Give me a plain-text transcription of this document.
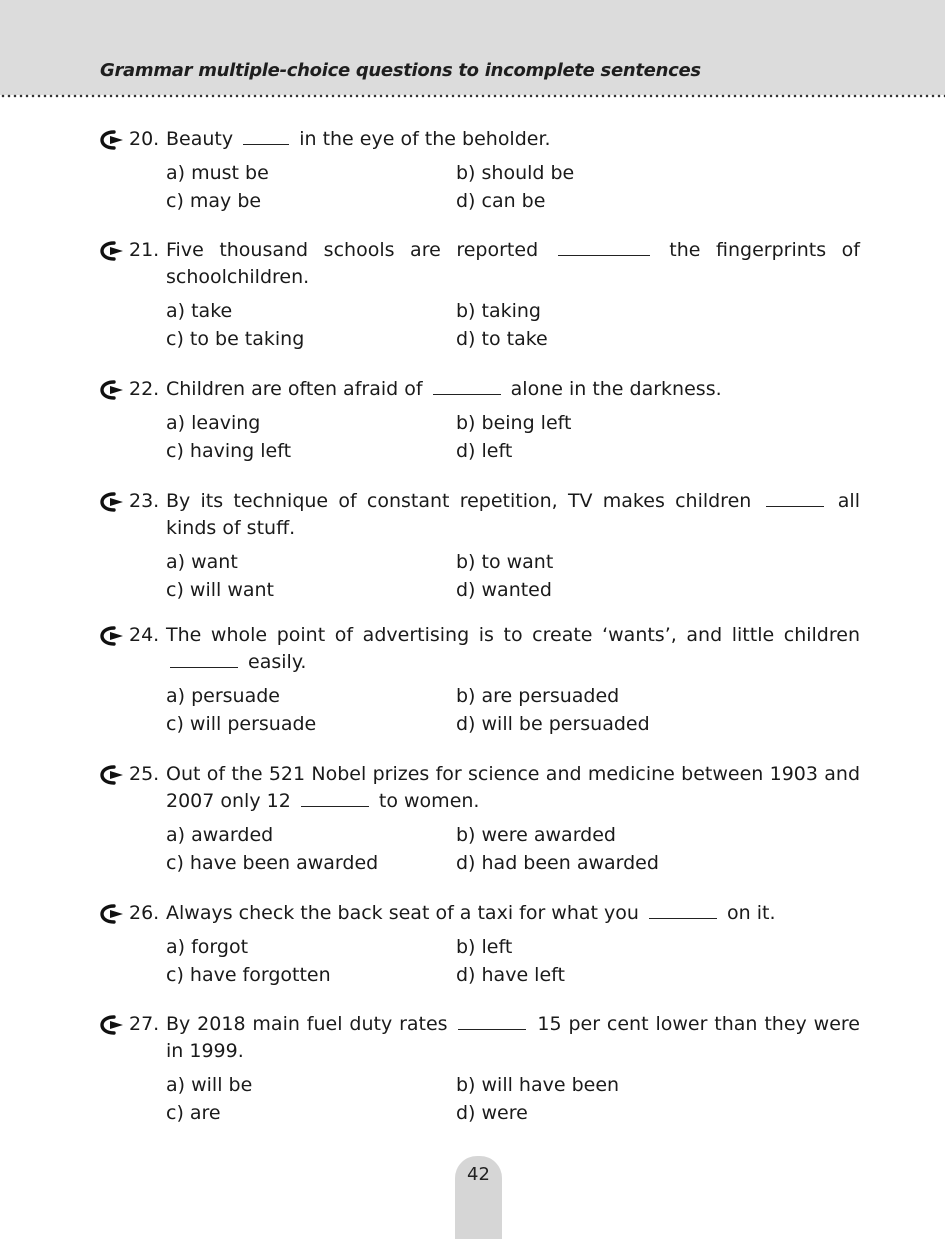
Grammar multiple-choice questions to incomplete sentences
20. Beauty	in the eye of the beholder.
a) must be	b) should be
c) may be	d) can be
21. Five thousand schools are reported	the fingerprints of schoolchildren.
a) take	b) taking
c) to be taking	d) to take
22. Children are often afraid of	alone in the darkness.
a) leaving	b) being left
c) having left	d) left
23. By its technique of constant repetition, TV makes children	all kinds of stuff.
a) want	b) to want
c) will want	d) wanted
24. The whole point of advertising is to create ‘wants’, and little children  easily.
a) persuade	b) are persuaded
c) will persuade	d) will be persuaded
25. Out of the 521 Nobel prizes for science and medicine between 1903 and 2007 only 12	to women.
a) awarded	b) were awarded
c) have been awarded	d) had been awarded
26. Always check the back seat of a taxi for what you	on it.
a) forgot	b) left
c) have forgotten	d) have left
27. By 2018 main fuel duty rates	15 per cent lower than they were in 1999.
a) will be	b) will have been
c) are	d) were
42
